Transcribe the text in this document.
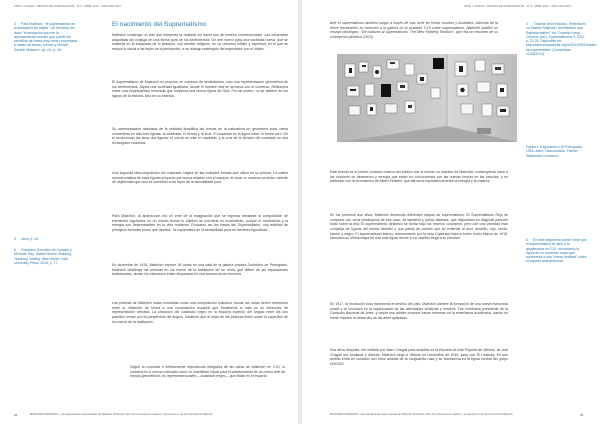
ARTE Y CIUDAD - REVISTA DE INVESTIGACIÓN - Nº 5 - ABRIL 2014 - ISSN 2254-2337
3 Para Malevich, "el suprematismo es la sensación sin objeto", en términos del autor "la sensación pura en la representación mental, que puede ser percibida de forma muy clara y expresada a través de líneas, colores y formas". Kazimir Malevich, op. cit., p. 45.
5 Idem, p. 34.
6 Francisco González de Canales y Nicholas Ray, Rafael Moneo: Building, Teaching, Writing. New Haven: Yale University Press, 2015, p. 77.
El nacimiento del Suprematismo
Malevich construye un arte que interpreta la realidad sin hacer uso de medios convencionales. Las influencias adquiridas las conjuga en una forma pura de los sentimientos. Un arte nuevo para una sociedad nueva, que se sustenta en la búsqueda de lo absoluto, con sentido religioso, en un universo infinito y espiritual, en el que se reduce lo visual a las leyes de la percepción, a un diálogo restringido del espectador con el objeto.
El suprematismo de Malevich no propone un universo de sentimientos, sino una representación geométrica de los sentimientos. Aspira una sociedad igualitaria, donde el hombre viva en armonía con el Universo. Reflexiona sobre una espiritualidad renovada que conjetura una nueva figura de Dios. Por tal motivo, no se detiene en los signos de la historia, sino en su esencia.
Su representación abstracta de la realidad simplifica las formas de la naturaleza en geometría pura, hasta convertirlas en sólo tres figuras: el cuadrado, el círculo y la cruz. El cuadrado es la figura base, la forma cero. De él evolucionan las otras dos figuras: el círculo al rotar el cuadrado, y la cruz de la división del cuadrado en dos rectángulos cruzados.
Una segunda descomposición del cuadrado origina en las múltiples formas que utiliza en su pintura. La matriz monocromática de esas figuras propone una nueva relación con el espacio, al crear un universo pictórico carente de objetividad que sólo es sometido a las leyes de la sensibilidad pura.
Para Malevich, la abstracción era un ente de la imaginación que se expresa mediante la composición de elementos ingrávidos en un mundo donde lo objetivo se convierte en movimiento, porque el movimiento y la energía son determinantes en la vida moderna. Proclamó así las bases del Suprematismo, una estética de principios formales puros que declara: "la supremacía de la sensibilidad pura en las artes figurativas".
En diciembre de 1915, Malevich expone 39 obras en una sala de la galería privada Dobichina de Petrogrado. Malevich distribuye las pinturas en los muros de la habitación de un modo que difiere de las exposiciones tradicionales, donde los elementos están dispuestos en una secuencia de recorrido.
Las pinturas de Malevich están montadas como una composición colectiva, donde las obras tienen relaciones entre sí. Malevich da forma a una composición espacial que transforma la sala en un escenario de representación artística. La ubicación del cuadrado negro en la esquina superior del ángulo entre las dos paredes rompe con la perspectiva del ángulo, haciendo que el resto de las pinturas floten sobre la superficie de los muros de la habitación.
Según la conocida e infinitamente reproducida fotografía de las obras de Malevich en 0,10, lo muestra en sí mismo colocado como un manifiesto visual para el advenimiento de un nuevo arte de formas geométricas no representacionales —cuadrado negro— que flotan en el espacio.
MARGARITA BARRETO - Las arquitecturas suprematistas de Malevich. Reflexión sobre los conceptos de espacio y percepción en la obra de Kazimir Malevich
84
ARTE Y CIUDAD - REVISTA DE INVESTIGACIÓN - Nº 5 - ABRIL 2014 - ISSN 2254-2337
Arte el suprematismo también surgió a través de una serie de textos escritos y ilustrados. Además de la breve declaración en conexión a la galería en la posterior 0,10 sobre suprematismo, Malevich publicó un ensayo ontológico, "De cubismo al suprematismo. The New Painterly Realism", que era un resumen de su concepción pictórica (1915).
Figura 1. Exposición 0,10 Petrogrado, 1915. Autor: Desconocido. Fuente: Wikimedia Commons.
4 "Objecte vivent Mondo. Reflections on Kazimir Malevich: Architecture and Representation", en: Cornelia Kemp, Chronos (ed.), Suprematismus 3, 2012. p. 23-25. Disponible en: http://www.ecupadorial.org/m/2014/05/10/artes-de-suprematism/ (Consultado 12/06/2014).
5 En este fragmento puede verse que el suprematismo se abre a la arquitectura en 0,10, anunciando la figura de un cuadrado negro que representa a una "nueva realidad" sobre el espacio arquitectónico.
Este evento es el primer contacto masivo del público con el mundo no objetivo de Malevich, construyendo base a las nociones de dinamismo y energía que están en concordancia con las nuevas teorías en las ciencias, y en particular con la formulación de Albert Einstein, que afirma la equivalencia entre la energía y la materia.
En los primeros dos años, Malevich desarrolla diferentes etapas de suprematismo. El Suprematismo Rojo se compone con otros rectángulos de ese color, de tamaños y pesos distintos, que dispuestos en diagonal parecen flotar sobre la tela. El suprematismo dinámico se funda bajo los mismos conceptos, pero con una variedad más compleja de figuras del mismo tamaño y una paleta de colores que se extiende al azul, amarillo, rojo, verde, blanco y negro. El suprematismo blanco, representado por la obra Cuadrado blanco sobre fondo blanco de 1918, simboliza su última etapa de una sola figura donde lo no objetivo llega a su plenitud.
En 1917, la revolución rusa transforma el destino del país. Malevich adhiere la formación de una nueva estructura social y se involucra en la organización de las actividades artísticas y museos. Fue nombrado presidente de la Comisión Nacional de Artes, y desde ese ámbito propone varias reformas en la enseñanza académica, dando un fuerte impulso al desarrollo de las artes aplicadas.
Dos años después, fue invitado por Marc Chagall para enseñar en la Escuela de Arte Popular de Vitebsk, de cual Chagall era fundador y director. Malevich llegó a Vitebsk en noviembre de 1919, junto con El Lissitzky. En ese ámbito entra en contacto con otros artistas de la vanguardia rusa y se transforma en la figura central del grupo UNOVIS.
MARGARITA BARRETO - Las arquitecturas suprematistas de Malevich. Reflexión sobre los conceptos de espacio y percepción en la obra de Kazimir Malevich	85
